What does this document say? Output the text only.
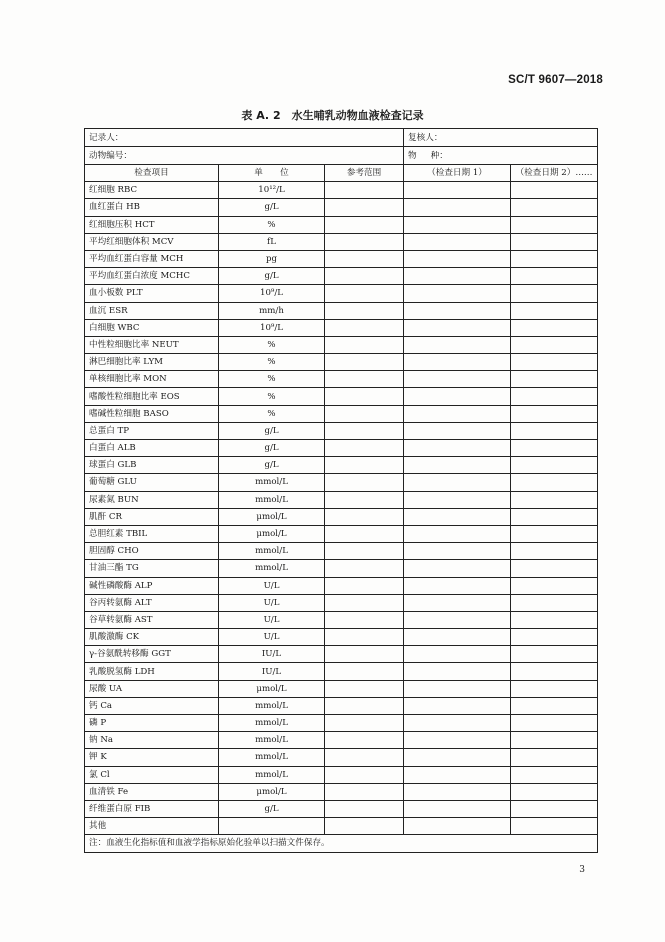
SC/T 9607—2018
表 A. 2　水生哺乳动物血液检查记录
记录人：			复核人：	
动物编号：			物 种：	
检查项目	单　　位	参考范围	（检查日期 1）	（检查日期 2）……
红细胞 RBC	10¹²/L			
血红蛋白 HB	g/L			
红细胞压积 HCT	%			
平均红细胞体积 MCV	fL			
平均血红蛋白容量 MCH	pg			
平均血红蛋白浓度 MCHC	g/L			
血小板数 PLT	10⁹/L			
血沉 ESR	mm/h			
白细胞 WBC	10⁹/L			
中性粒细胞比率 NEUT	%			
淋巴细胞比率 LYM	%			
单核细胞比率 MON	%			
嗜酸性粒细胞比率 EOS	%			
嗜碱性粒细胞 BASO	%			
总蛋白 TP	g/L			
白蛋白 ALB	g/L			
球蛋白 GLB	g/L			
葡萄糖 GLU	mmol/L			
尿素氮 BUN	mmol/L			
肌酐 CR	μmol/L			
总胆红素 TBIL	μmol/L			
胆固醇 CHO	mmol/L			
甘油三酯 TG	mmol/L			
碱性磷酸酶 ALP	U/L			
谷丙转氨酶 ALT	U/L			
谷草转氨酶 AST	U/L			
肌酸激酶 CK	U/L			
γ-谷氨酰转移酶 GGT	IU/L			
乳酸脱氢酶 LDH	IU/L			
尿酸 UA	μmol/L			
钙 Ca	mmol/L			
磷 P	mmol/L			
钠 Na	mmol/L			
钾 K	mmol/L			
氯 Cl	mmol/L			
血清铁 Fe	μmol/L			
纤维蛋白原 FIB	g/L			
其他				
注：血液生化指标值和血液学指标原始化验单以扫描文件保存。				
3
